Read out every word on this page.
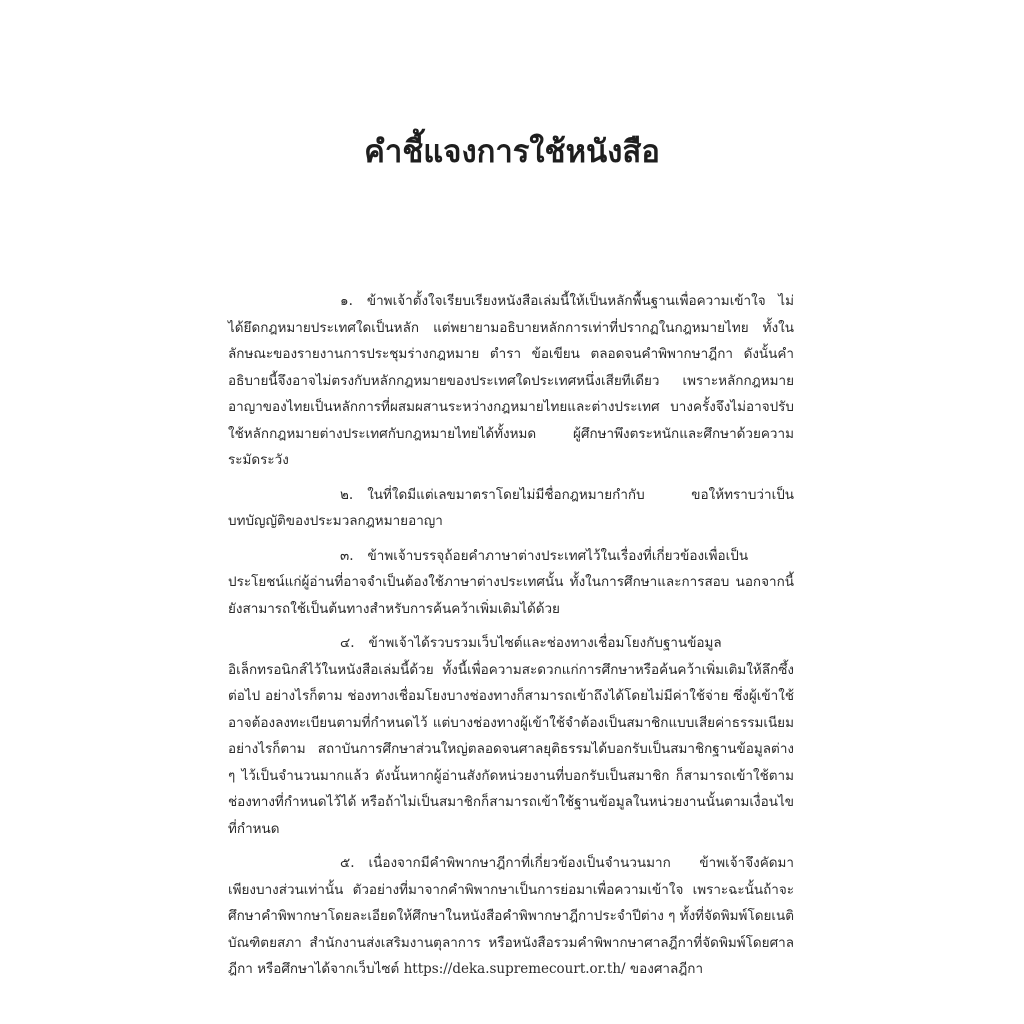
คำชี้แจงการใช้หนังสือ

๑. ข้าพเจ้าตั้งใจเรียบเรียงหนังสือเล่มนี้ให้เป็นหลักพื้นฐานเพื่อความเข้าใจ ไม่ได้ยึดกฎหมายประเทศใดเป็นหลัก แต่พยายามอธิบายหลักการเท่าที่ปรากฏในกฎหมายไทย ทั้งในลักษณะของรายงานการประชุมร่างกฎหมาย ตำรา ข้อเขียน ตลอดจนคำพิพากษาฎีกา ดังนั้นคำอธิบายนี้จึงอาจไม่ตรงกับหลักกฎหมายของประเทศใดประเทศหนึ่งเสียทีเดียว เพราะหลักกฎหมายอาญาของไทยเป็นหลักการที่ผสมผสานระหว่างกฎหมายไทยและต่างประเทศ บางครั้งจึงไม่อาจปรับใช้หลักกฎหมายต่างประเทศกับกฎหมายไทยได้ทั้งหมด ผู้ศึกษาพึงตระหนักและศึกษาด้วยความระมัดระวัง

๒. ในที่ใดมีแต่เลขมาตราโดยไม่มีชื่อกฎหมายกำกับ ขอให้ทราบว่าเป็นบทบัญญัติของประมวลกฎหมายอาญา

๓. ข้าพเจ้าบรรจุถ้อยคำภาษาต่างประเทศไว้ในเรื่องที่เกี่ยวข้องเพื่อเป็นประโยชน์แก่ผู้อ่านที่อาจจำเป็นต้องใช้ภาษาต่างประเทศนั้น ทั้งในการศึกษาและการสอบ นอกจากนี้ยังสามารถใช้เป็นต้นทางสำหรับการค้นคว้าเพิ่มเติมได้ด้วย

๔. ข้าพเจ้าได้รวบรวมเว็บไซต์และช่องทางเชื่อมโยงกับฐานข้อมูลอิเล็กทรอนิกส์ไว้ในหนังสือเล่มนี้ด้วย ทั้งนี้เพื่อความสะดวกแก่การศึกษาหรือค้นคว้าเพิ่มเติมให้ลึกซึ้งต่อไป อย่างไรก็ตาม ช่องทางเชื่อมโยงบางช่องทางก็สามารถเข้าถึงได้โดยไม่มีค่าใช้จ่าย ซึ่งผู้เข้าใช้อาจต้องลงทะเบียนตามที่กำหนดไว้ แต่บางช่องทางผู้เข้าใช้จำต้องเป็นสมาชิกแบบเสียค่าธรรมเนียม อย่างไรก็ตาม สถาบันการศึกษาส่วนใหญ่ตลอดจนศาลยุติธรรมได้บอกรับเป็นสมาชิกฐานข้อมูลต่าง ๆ ไว้เป็นจำนวนมากแล้ว ดังนั้นหากผู้อ่านสังกัดหน่วยงานที่บอกรับเป็นสมาชิก ก็สามารถเข้าใช้ตามช่องทางที่กำหนดไว้ได้ หรือถ้าไม่เป็นสมาชิกก็สามารถเข้าใช้ฐานข้อมูลในหน่วยงานนั้นตามเงื่อนไขที่กำหนด

๕. เนื่องจากมีคำพิพากษาฎีกาที่เกี่ยวข้องเป็นจำนวนมาก ข้าพเจ้าจึงคัดมาเพียงบางส่วนเท่านั้น ตัวอย่างที่มาจากคำพิพากษาเป็นการย่อมาเพื่อความเข้าใจ เพราะฉะนั้นถ้าจะศึกษาคำพิพากษาโดยละเอียดให้ศึกษาในหนังสือคำพิพากษาฎีกาประจำปีต่าง ๆ ทั้งที่จัดพิมพ์โดยเนติบัณฑิตยสภา สำนักงานส่งเสริมงานตุลาการ หรือหนังสือรวมคำพิพากษาศาลฎีกาที่จัดพิมพ์โดยศาลฎีกา หรือศึกษาได้จากเว็บไซต์ https://deka.supremecourt.or.th/ ของศาลฎีกา
